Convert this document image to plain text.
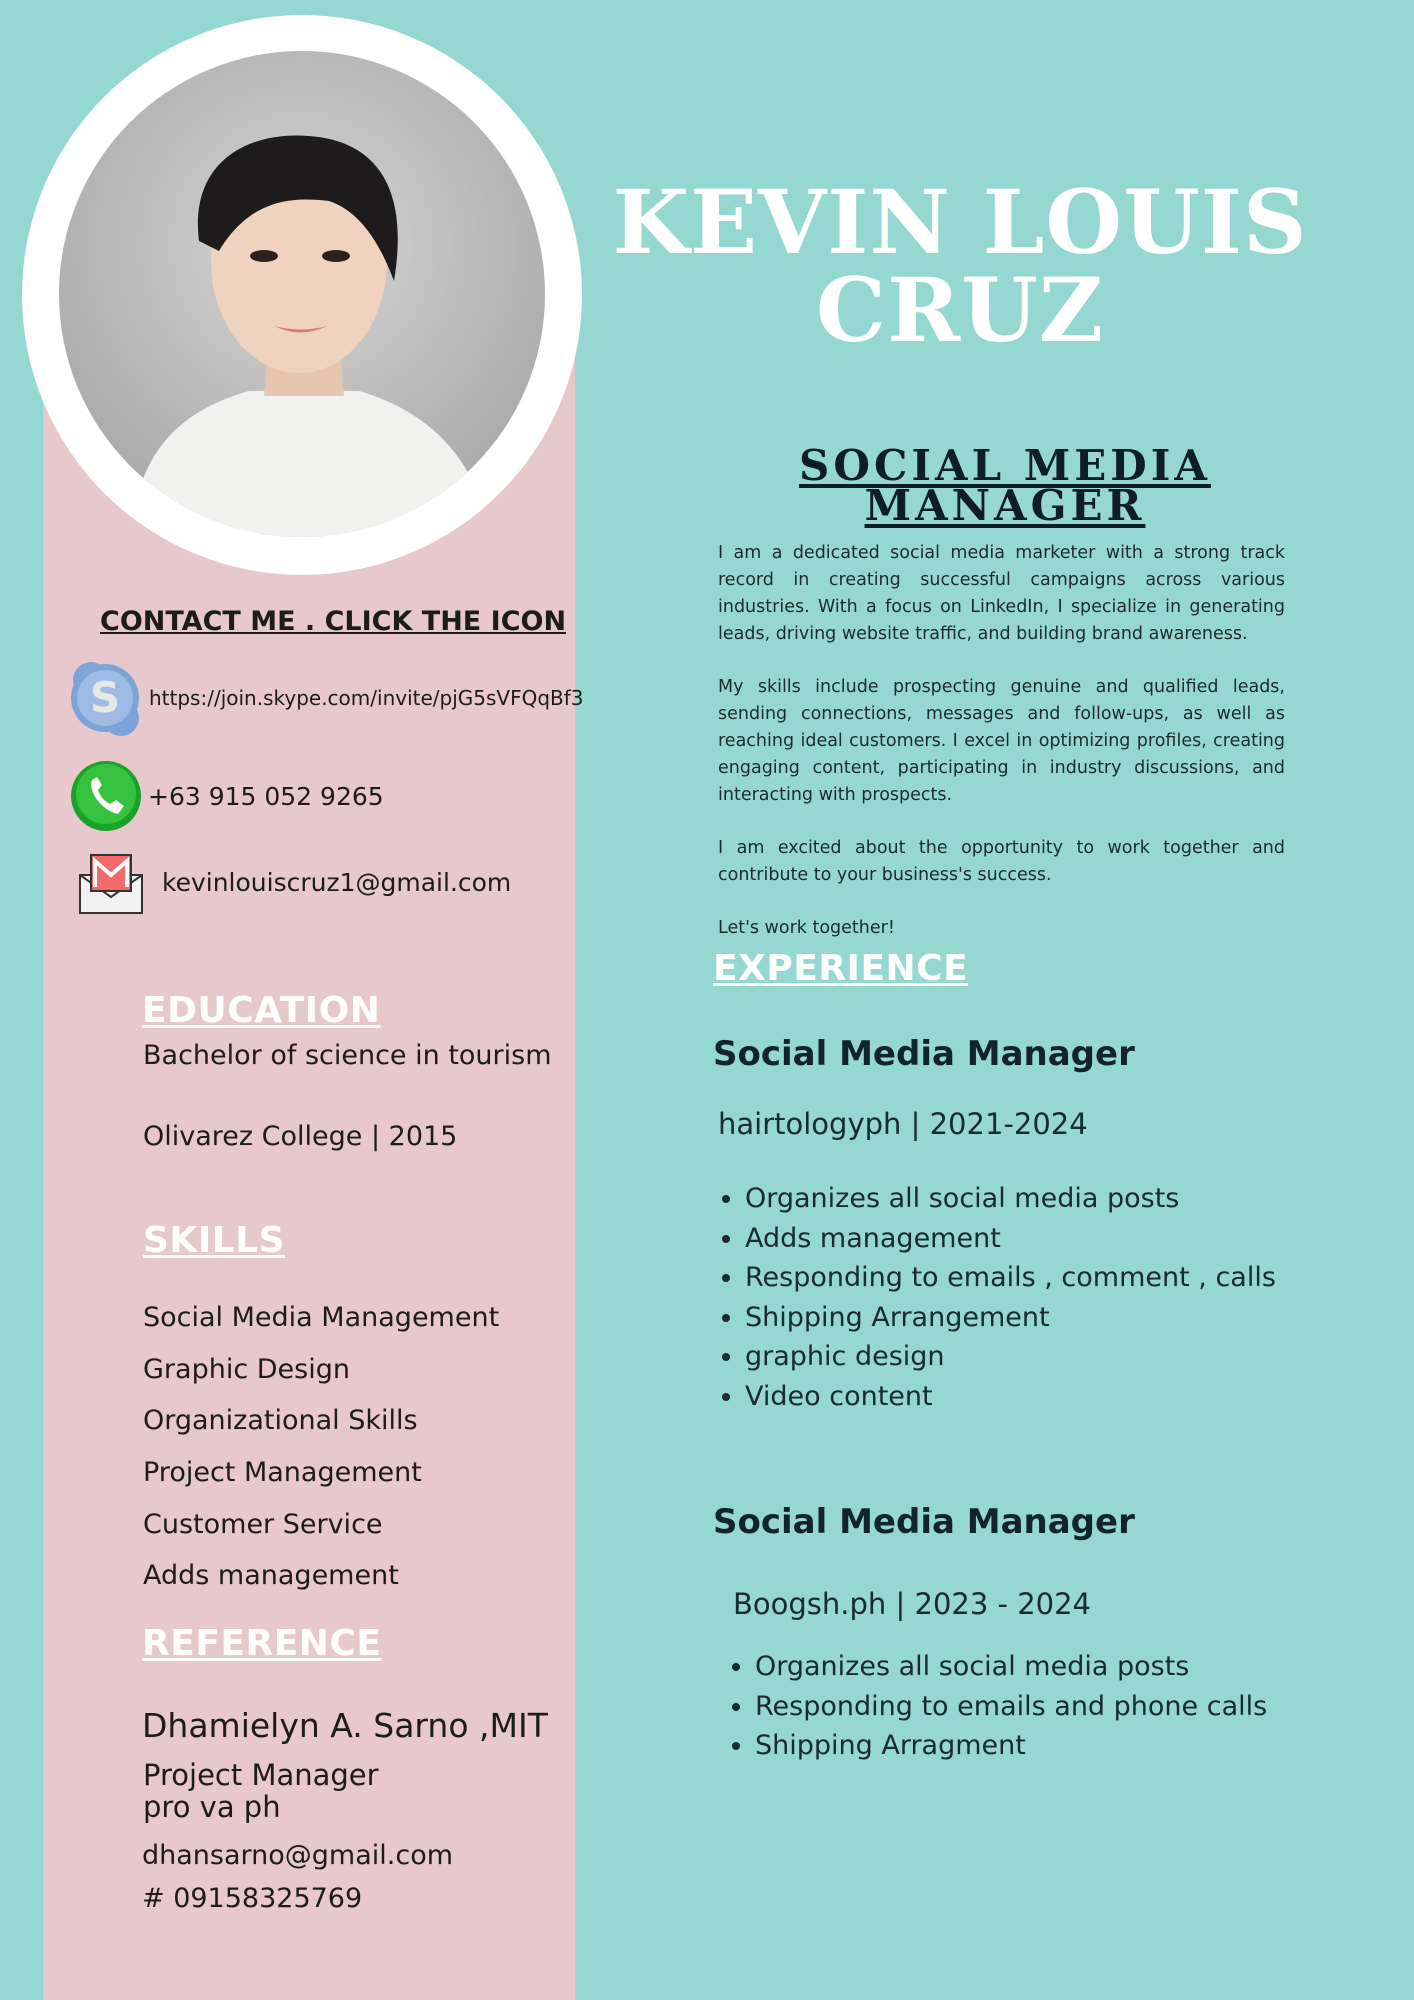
CONTACT ME . CLICK THE ICON
S https://join.skype.com/invite/pjG5sVFQqBf3
+63 915 052 9265
kevinlouiscruz1@gmail.com
EDUCATION
Bachelor of science in tourism
Olivarez College | 2015
SKILLS
Social Media Management
Graphic Design
Organizational Skills
Project Management
Customer Service
Adds management
REFERENCE
Dhamielyn A. Sarno ,MIT
Project Manager
pro va ph
dhansarno@gmail.com
# 09158325769
KEVIN LOUIS
CRUZ
SOCIAL MEDIA
MANAGER

I am a dedicated social media marketer with a strong track record in creating successful campaigns across various industries. With a focus on LinkedIn, I specialize in generating leads, driving website traffic, and building brand awareness.

My skills include prospecting genuine and qualified leads, sending connections, messages and follow-ups, as well as reaching ideal customers. I excel in optimizing profiles, creating engaging content, participating in industry discussions, and interacting with prospects.

I am excited about the opportunity to work together and contribute to your business's success.

Let's work together!

EXPERIENCE
Social Media Manager
hairtologyph | 2021-2024
• Organizes all social media posts
• Adds management
• Responding to emails , comment , calls
• Shipping Arrangement
• graphic design
• Video content
Social Media Manager
Boogsh.ph | 2023 - 2024
• Organizes all social media posts
• Responding to emails and phone calls
• Shipping Arragment
